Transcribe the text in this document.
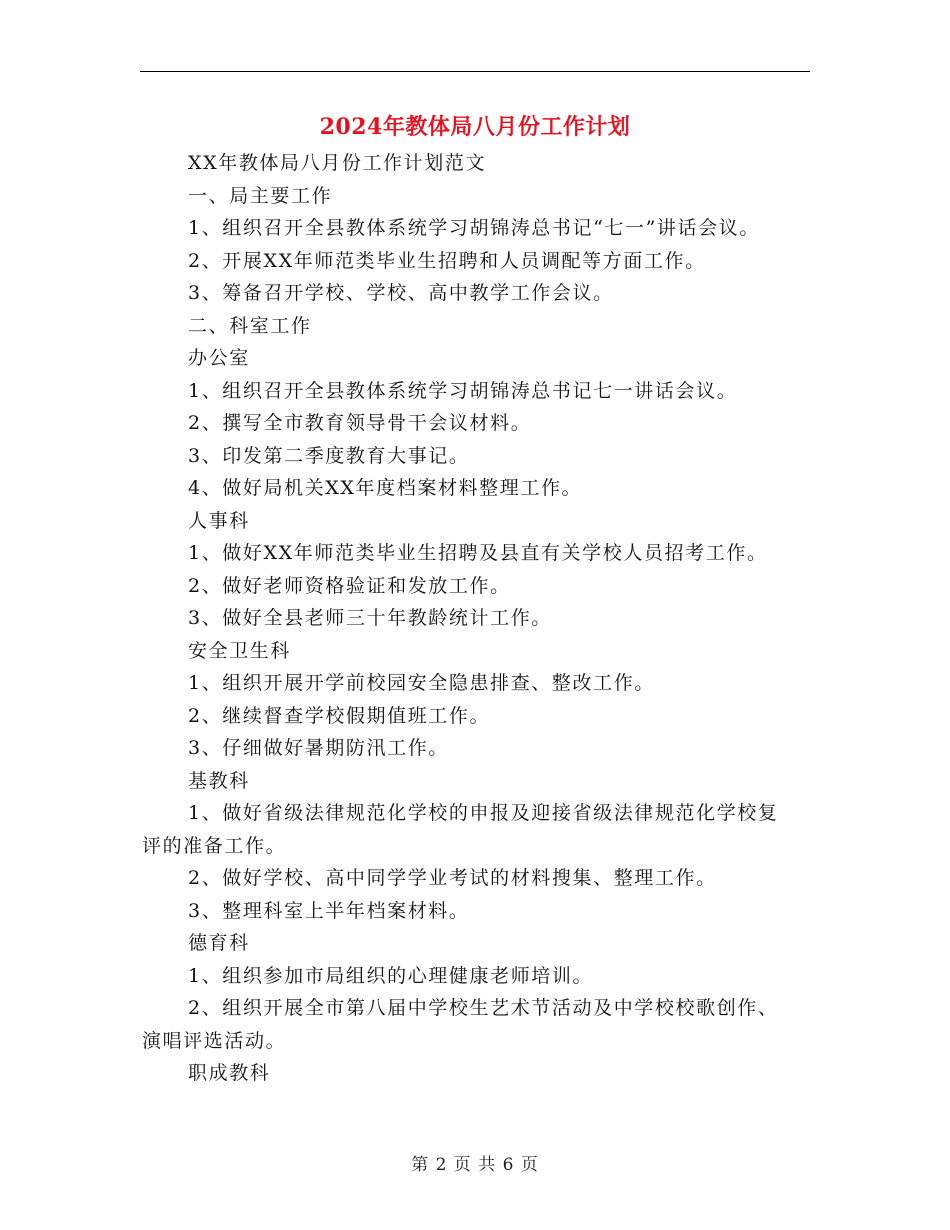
2024年教体局八月份工作计划
XX年教体局八月份工作计划范文
一、局主要工作
1、组织召开全县教体系统学习胡锦涛总书记“七一”讲话会议。
2、开展XX年师范类毕业生招聘和人员调配等方面工作。
3、筹备召开学校、学校、高中教学工作会议。
二、科室工作
办公室
1、组织召开全县教体系统学习胡锦涛总书记七一讲话会议。
2、撰写全市教育领导骨干会议材料。
3、印发第二季度教育大事记。
4、做好局机关XX年度档案材料整理工作。
人事科
1、做好XX年师范类毕业生招聘及县直有关学校人员招考工作。
2、做好老师资格验证和发放工作。
3、做好全县老师三十年教龄统计工作。
安全卫生科
1、组织开展开学前校园安全隐患排查、整改工作。
2、继续督查学校假期值班工作。
3、仔细做好暑期防汛工作。
基教科
1、做好省级法律规范化学校的申报及迎接省级法律规范化学校复
评的准备工作。
2、做好学校、高中同学学业考试的材料搜集、整理工作。
3、整理科室上半年档案材料。
德育科
1、组织参加市局组织的心理健康老师培训。
2、组织开展全市第八届中学校生艺术节活动及中学校校歌创作、
演唱评选活动。
职成教科
第 2 页 共 6 页
